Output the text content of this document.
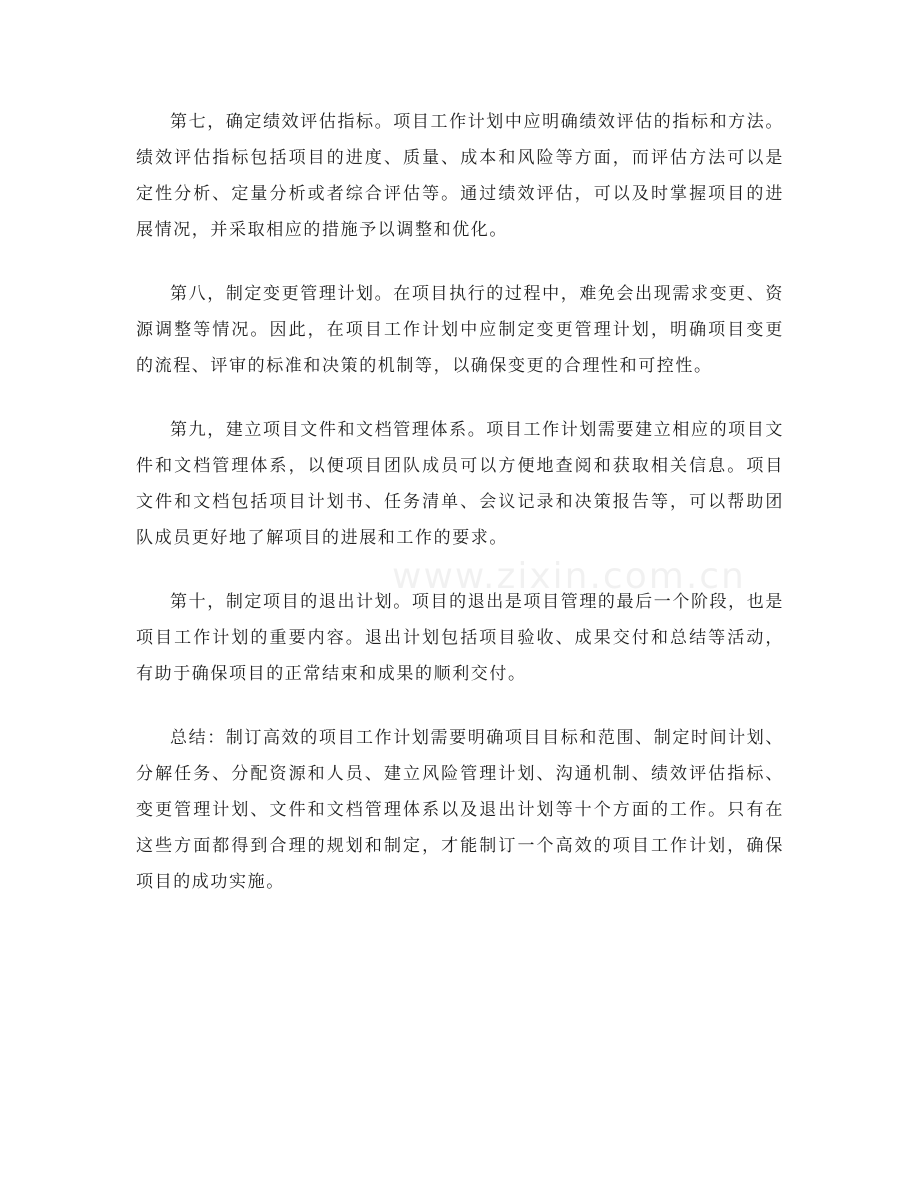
www.zixin.com.cn

第七，确定绩效评估指标。项目工作计划中应明确绩效评估的指标和方法。绩效评估指标包括项目的进度、质量、成本和风险等方面，而评估方法可以是定性分析、定量分析或者综合评估等。通过绩效评估，可以及时掌握项目的进展情况，并采取相应的措施予以调整和优化。

第八，制定变更管理计划。在项目执行的过程中，难免会出现需求变更、资源调整等情况。因此，在项目工作计划中应制定变更管理计划，明确项目变更的流程、评审的标准和决策的机制等，以确保变更的合理性和可控性。

第九，建立项目文件和文档管理体系。项目工作计划需要建立相应的项目文件和文档管理体系，以便项目团队成员可以方便地查阅和获取相关信息。项目文件和文档包括项目计划书、任务清单、会议记录和决策报告等，可以帮助团队成员更好地了解项目的进展和工作的要求。

第十，制定项目的退出计划。项目的退出是项目管理的最后一个阶段，也是项目工作计划的重要内容。退出计划包括项目验收、成果交付和总结等活动，有助于确保项目的正常结束和成果的顺利交付。

总结：制订高效的项目工作计划需要明确项目目标和范围、制定时间计划、分解任务、分配资源和人员、建立风险管理计划、沟通机制、绩效评估指标、变更管理计划、文件和文档管理体系以及退出计划等十个方面的工作。只有在这些方面都得到合理的规划和制定，才能制订一个高效的项目工作计划，确保项目的成功实施。
